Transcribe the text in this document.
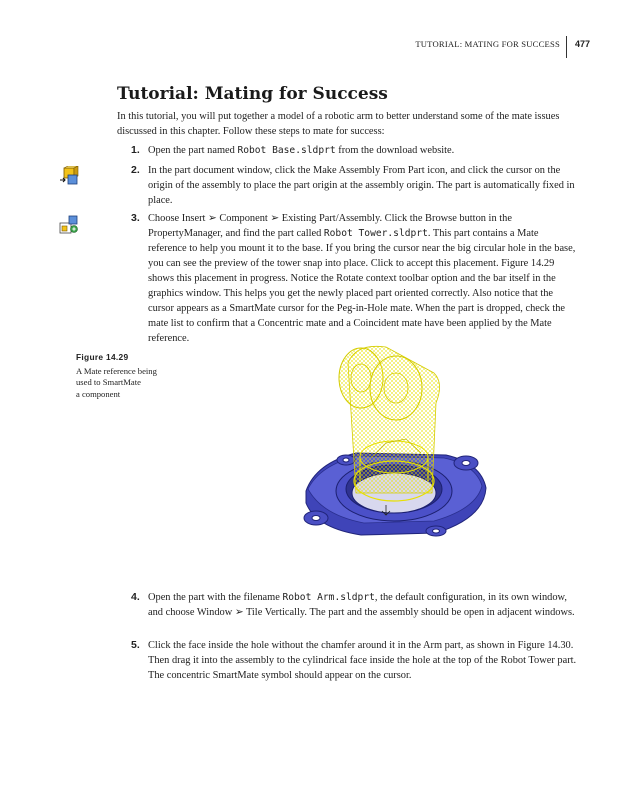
TUTORIAL: MATING FOR SUCCESS 477
Tutorial: Mating for Success

In this tutorial, you will put together a model of a robotic arm to better understand some of the mate issues discussed in this chapter. Follow these steps to mate for success:

1. Open the part named Robot Base.sldprt from the download website.
2. In the part document window, click the Make Assembly From Part icon, and click the cursor on the origin of the assembly to place the part origin at the assembly origin. The part is automatically fixed in place.
3. Choose Insert ➢ Component ➢ Existing Part/Assembly. Click the Browse button in the PropertyManager, and find the part called Robot Tower.sldprt. This part contains a Mate reference to help you mount it to the base. If you bring the cursor near the big circular hole in the base, you can see the preview of the tower snap into place. Click to accept this placement. Figure 14.29 shows this placement in progress. Notice the Rotate context toolbar option and the bar itself in the graphics window. This helps you get the newly placed part oriented correctly. Also notice that the cursor appears as a SmartMate cursor for the Peg-in-Hole mate. When the part is dropped, check the mate list to confirm that a Concentric mate and a Coincident mate have been applied by the Mate reference.
4. Open the part with the filename Robot Arm.sldprt, the default configuration, in its own window, and choose Window ➢ Tile Vertically. The part and the assembly should be open in adjacent windows.
5. Click the face inside the hole without the chamfer around it in the Arm part, as shown in Figure 14.30. Then drag it into the assembly to the cylindrical face inside the hole at the top of the Robot Tower part. The concentric SmartMate symbol should appear on the cursor.
Figure 14.29
A Mate reference being
used to SmartMate
a component
